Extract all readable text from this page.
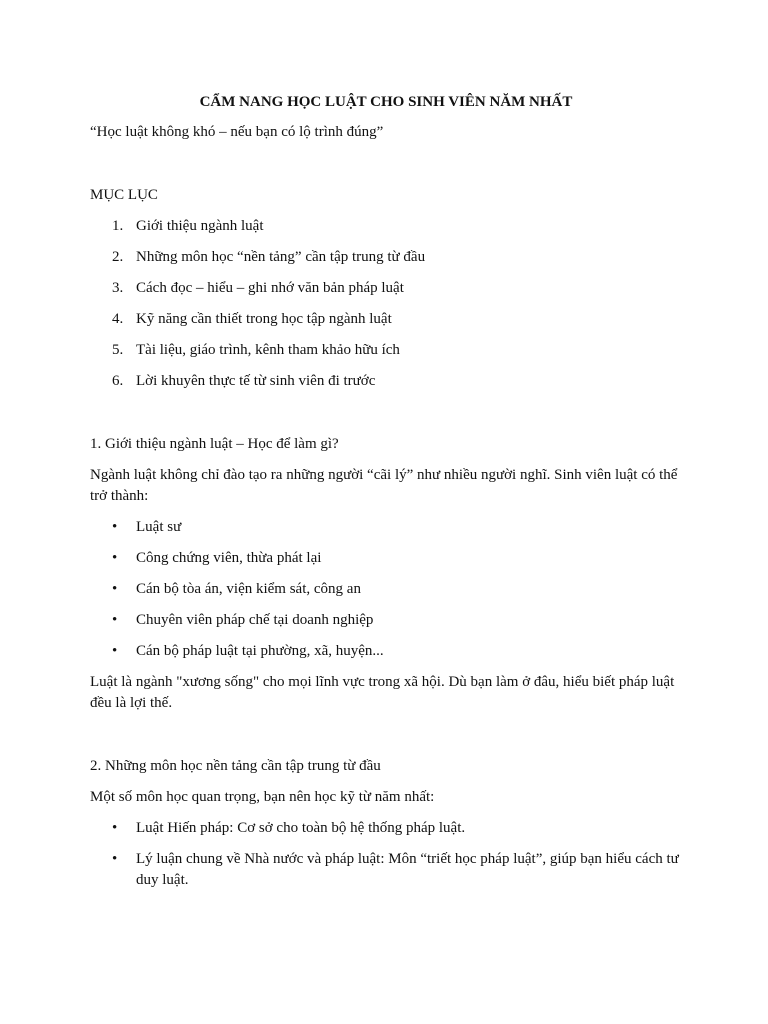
CẨM NANG HỌC LUẬT CHO SINH VIÊN NĂM NHẤT

“Học luật không khó – nếu bạn có lộ trình đúng”

MỤC LỤC

1. Giới thiệu ngành luật
2. Những môn học “nền tảng” cần tập trung từ đầu
3. Cách đọc – hiểu – ghi nhớ văn bản pháp luật
4. Kỹ năng cần thiết trong học tập ngành luật
5. Tài liệu, giáo trình, kênh tham khảo hữu ích
6. Lời khuyên thực tế từ sinh viên đi trước

1. Giới thiệu ngành luật – Học để làm gì?

Ngành luật không chỉ đào tạo ra những người “cãi lý” như nhiều người nghĩ. Sinh viên luật có thể trở thành:

• Luật sư
• Công chứng viên, thừa phát lại
• Cán bộ tòa án, viện kiểm sát, công an
• Chuyên viên pháp chế tại doanh nghiệp
• Cán bộ pháp luật tại phường, xã, huyện...

Luật là ngành "xương sống" cho mọi lĩnh vực trong xã hội. Dù bạn làm ở đâu, hiểu biết pháp luật đều là lợi thế.

2. Những môn học nền tảng cần tập trung từ đầu

Một số môn học quan trọng, bạn nên học kỹ từ năm nhất:

• Luật Hiến pháp: Cơ sở cho toàn bộ hệ thống pháp luật.
• Lý luận chung về Nhà nước và pháp luật: Môn “triết học pháp luật”, giúp bạn hiểu cách tư duy luật.
